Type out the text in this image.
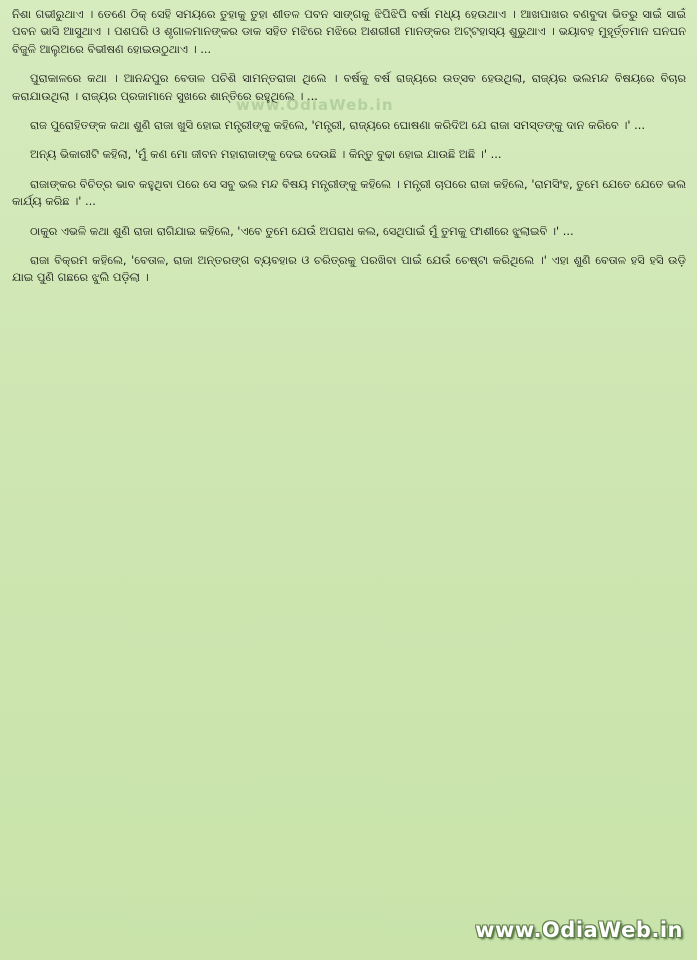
ନିଶା ଗଭୀରୁଥାଏ । ତେଣେ ଠିକ୍ ସେହି ସମୟରେ ତୁହାକୁ ତୁହା ଶୀତଳ ପବନ ସାଙ୍ଗକୁ ଝିପିଝିପି ବର୍ଷା ମଧ୍ୟ ହେଉଥାଏ । ଆଖପାଖର ବଣବୁଦା ଭିତରୁ ସାଇଁ ସାଇଁ ପବନ ଭାସି ଆସୁଥାଏ । ପଶପରି ଓ ଶୃଗାଳମାନଙ୍କର ଡାକ ସହିତ ମଝିରେ ମଝିରେ ଅଶରୀରୀ ମାନଙ୍କର ଅଟ୍ଟହାସ୍ୟ ଶୁଭୁଥାଏ । ଭୟାବହ ମୁହୂର୍ତ୍ତମାନ ଘନଘନ ବିଜୁଳି ଆଲୁଅରେ ବିଭୀଷଣ ହୋଇଉଠୁଥାଏ । ...

ପୁରାକାଳରେ କଥା । ଆନନ୍ଦପୁର ବେତାଳ ପଚିଶି ସାମନ୍ତରାଜା ଥିଲେ । ବର୍ଷକୁ ବର୍ଷ ରାଜ୍ୟରେ ଉତ୍ସବ ହେଉଥିଲା, ରାଜ୍ୟର ଭଲମନ୍ଦ ବିଷୟରେ ବିଚାର କରାଯାଉଥିଲା । ରାଜ୍ୟର ପ୍ରଜାମାନେ ସୁଖରେ ଶାନ୍ତିରେ ରହୁଥିଲେ । ...

ରାଜ ପୁରୋହିତଙ୍କ କଥା ଶୁଣି ରାଜା ଖୁସି ହୋଇ ମନ୍ତ୍ରୀଙ୍କୁ କହିଲେ, 'ମନ୍ତ୍ରୀ, ରାଜ୍ୟରେ ଘୋଷଣା କରିଦିଅ ଯେ ରାଜା ସମସ୍ତଙ୍କୁ ଦାନ କରିବେ ।' ...

ଅନ୍ୟ ଭିକାରୀଟି କହିଲା, 'ମୁଁ କଣ ମୋ ଜୀବନ ମହାରାଜାଙ୍କୁ ଦେଇ ଦେଉଛି । କିନ୍ତୁ ବୁଢା ହୋଇ ଯାଉଛି ଅଛି ।' ...

ରାଜାଙ୍କର ବିଚିତ୍ର ଭାବ କହୁଥିବା ପରେ ସେ ସବୁ ଭଲ ମନ୍ଦ ବିଷୟ ମନ୍ତ୍ରୀଙ୍କୁ କହିଲେ । ମନ୍ତ୍ରୀ ଚାପରେ ରାଜା କହିଲେ, 'ରାମସିଂହ, ତୁମେ ଯେତେ ଯେତେ ଭଲ କାର୍ଯ୍ୟ କରିଛ ।' ...

ଠାକୁର ଏଭଳି କଥା ଶୁଣି ରାଜା ରାଗିଯାଇ କହିଲେ, 'ଏବେ ତୁମେ ଯେଉଁ ଅପରାଧ କଲ, ସେଥିପାଇଁ ମୁଁ ତୁମକୁ ଫାଶୀରେ ଝୁଲାଇବି ।' ...

ରାଜା ବିକ୍ରମ କହିଲେ, 'ବେତାଳ, ରାଜା ଅନ୍ତରଙ୍ଗ ବ୍ୟବହାର ଓ ଚରିତ୍ରକୁ ପରଖିବା ପାଇଁ ଯେଉଁ ଚେଷ୍ଟା କରିଥିଲେ ।' ଏହା ଶୁଣି ବେତାଳ ହସି ହସି ଉଡ଼ି ଯାଇ ପୁଣି ଗଛରେ ଝୁଲି ପଡ଼ିଲା ।

www.OdiaWeb.in
www.OdiaWeb.in
